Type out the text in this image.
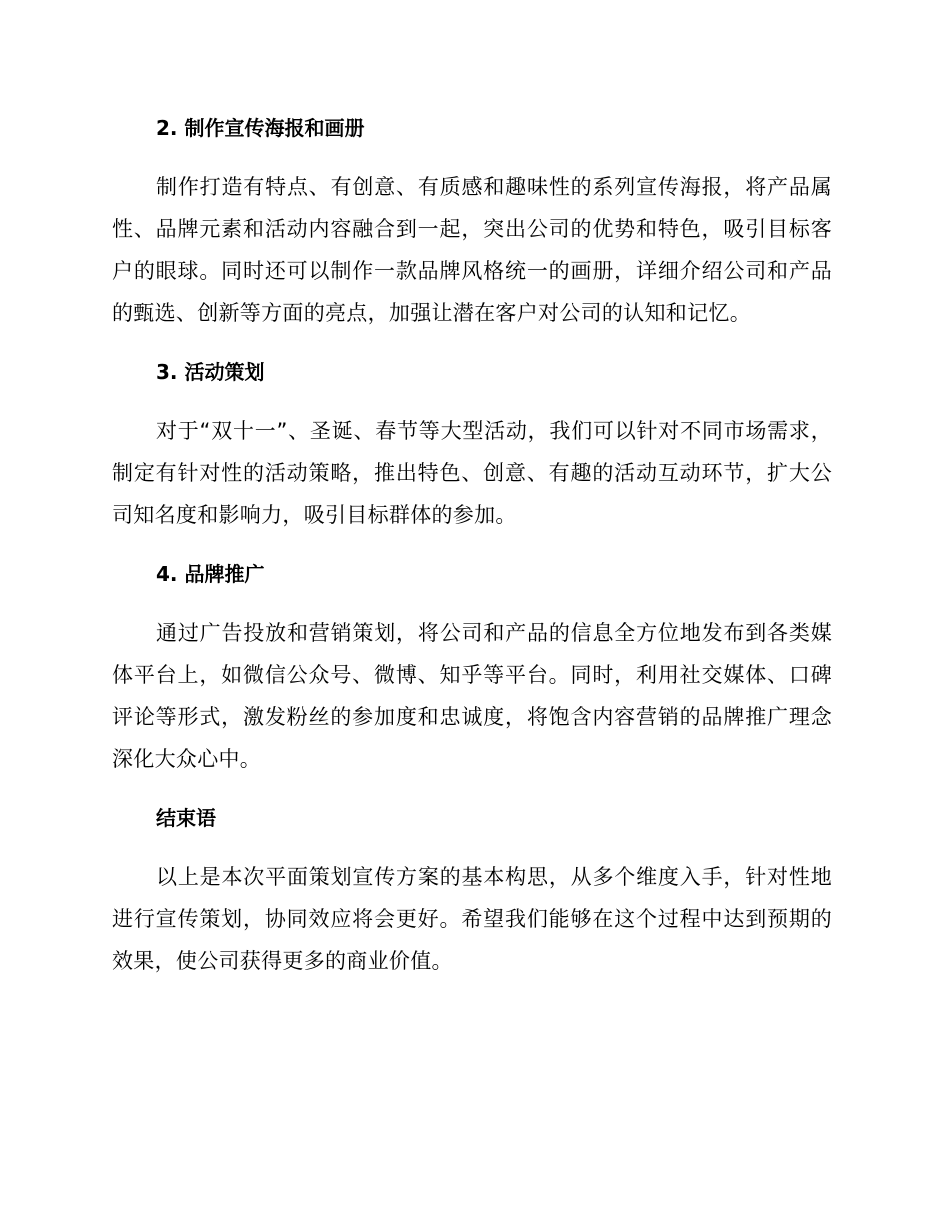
2. 制作宣传海报和画册

制作打造有特点、有创意、有质感和趣味性的系列宣传海报，将产品属性、品牌元素和活动内容融合到一起，突出公司的优势和特色，吸引目标客户的眼球。同时还可以制作一款品牌风格统一的画册，详细介绍公司和产品的甄选、创新等方面的亮点，加强让潜在客户对公司的认知和记忆。

3. 活动策划

对于“双十一”、圣诞、春节等大型活动，我们可以针对不同市场需求，制定有针对性的活动策略，推出特色、创意、有趣的活动互动环节，扩大公司知名度和影响力，吸引目标群体的参加。

4. 品牌推广

通过广告投放和营销策划，将公司和产品的信息全方位地发布到各类媒体平台上，如微信公众号、微博、知乎等平台。同时，利用社交媒体、口碑评论等形式，激发粉丝的参加度和忠诚度，将饱含内容营销的品牌推广理念深化大众心中。

结束语

以上是本次平面策划宣传方案的基本构思，从多个维度入手，针对性地进行宣传策划，协同效应将会更好。希望我们能够在这个过程中达到预期的效果，使公司获得更多的商业价值。
